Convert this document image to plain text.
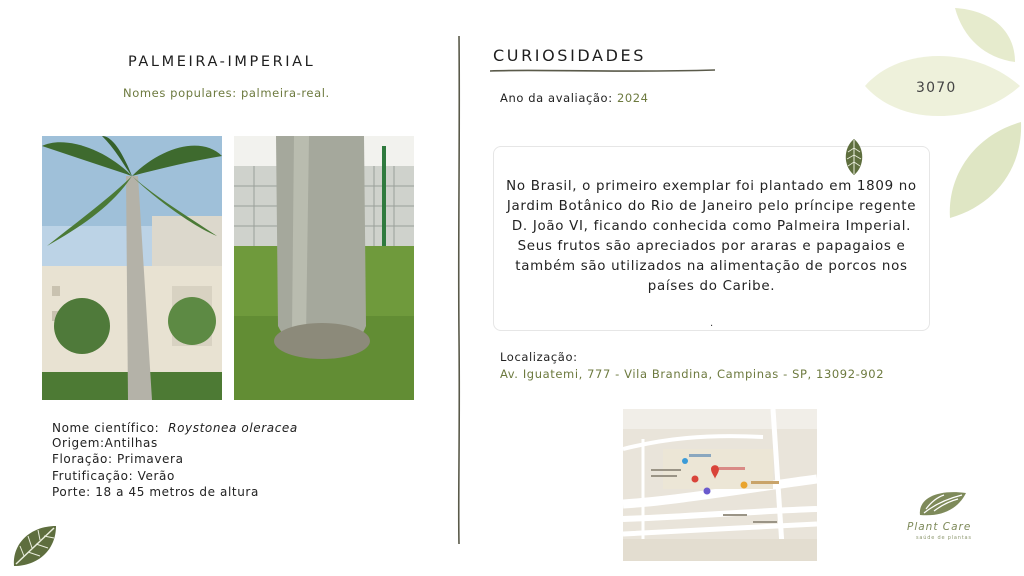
3070
PALMEIRA-IMPERIAL
Nomes populares: palmeira-real.
Nome científico: Roystonea oleracea
Origem:Antilhas
Floração: Primavera
Frutificação: Verão
Porte: 18 a 45 metros de altura
CURIOSIDADES
Ano da avaliação: 2024
No Brasil, o primeiro exemplar foi plantado em 1809 no Jardim Botânico do Rio de Janeiro pelo príncipe regente D. João VI, ficando conhecida como Palmeira Imperial. Seus frutos são apreciados por araras e papagaios e também são utilizados na alimentação de porcos nos países do Caribe.
.
Localização:
Av. Iguatemi, 777 - Vila Brandina, Campinas - SP, 13092-902
Plant Care
saúde de plantas
